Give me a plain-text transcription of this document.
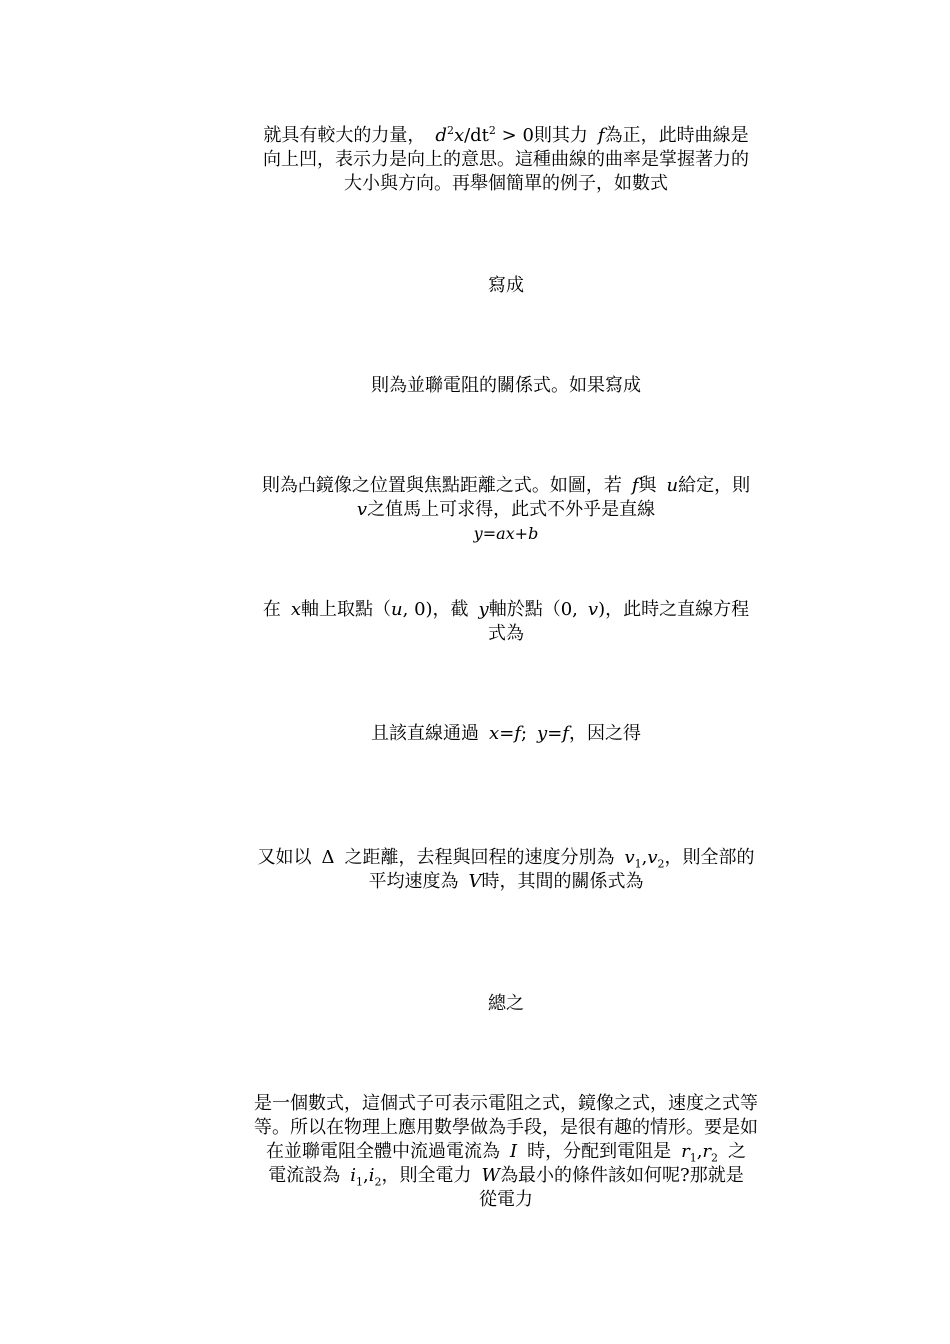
就具有較大的力量， $d^2x/dt^2 > 0$則其力 f為正，此時曲線是
向上凹，表示力是向上的意思。這種曲線的曲率是掌握著力的
大小與方向。再舉個簡單的例子，如數式
寫成
則為並聯電阻的關係式。如果寫成
則為凸鏡像之位置與焦點距離之式。如圖，若 f與 u給定，則
v之值馬上可求得，此式不外乎是直線
y=ax+b
在 x軸上取點（u, 0)，截 y軸於點（0, v)，此時之直線方程
式為
且該直線通過 x=f; y=f，因之得
又如以 Δ 之距離，去程與回程的速度分別為 $v_1,v_2$，則全部的
平均速度為 V時，其間的關係式為
總之
是一個數式，這個式子可表示電阻之式，鏡像之式，速度之式等
等。所以在物理上應用數學做為手段，是很有趣的情形。要是如
在並聯電阻全體中流過電流為 I 時，分配到電阻是 $r_1,r_2$ 之
電流設為 $i_1,i_2$，則全電力 W為最小的條件該如何呢?那就是
從電力
